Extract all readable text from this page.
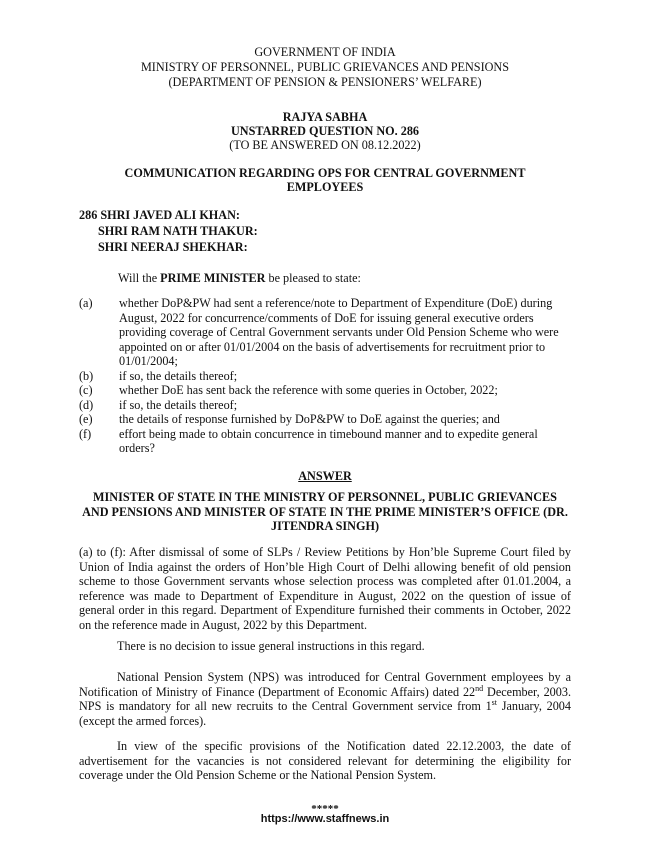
GOVERNMENT OF INDIA
MINISTRY OF PERSONNEL, PUBLIC GRIEVANCES AND PENSIONS
(DEPARTMENT OF PENSION & PENSIONERS’ WELFARE)
RAJYA SABHA
UNSTARRED QUESTION NO. 286
(TO BE ANSWERED ON 08.12.2022)
COMMUNICATION REGARDING OPS FOR CENTRAL GOVERNMENT
EMPLOYEES
286 SHRI JAVED ALI KHAN:
SHRI RAM NATH THAKUR:
SHRI NEERAJ SHEKHAR:
Will the PRIME MINISTER be pleased to state:
(a)	whether DoP&PW had sent a reference/note to Department of Expenditure (DoE) during August, 2022 for concurrence/comments of DoE for issuing general executive orders providing coverage of Central Government servants under Old Pension Scheme who were appointed on or after 01/01/2004 on the basis of advertisements for recruitment prior to 01/01/2004;
(b)	if so, the details thereof;
(c)	whether DoE has sent back the reference with some queries in October, 2022;
(d)	if so, the details thereof;
(e)	the details of response furnished by DoP&PW to DoE against the queries; and
(f)	effort being made to obtain concurrence in timebound manner and to expedite general orders?
ANSWER
MINISTER OF STATE IN THE MINISTRY OF PERSONNEL, PUBLIC GRIEVANCES AND PENSIONS AND MINISTER OF STATE IN THE PRIME MINISTER’S OFFICE (DR. JITENDRA SINGH)
(a) to (f): After dismissal of some of SLPs / Review Petitions by Hon’ble Supreme Court filed by Union of India against the orders of Hon’ble High Court of Delhi allowing benefit of old pension scheme to those Government servants whose selection process was completed after 01.01.2004, a reference was made to Department of Expenditure in August, 2022 on the question of issue of general order in this regard. Department of Expenditure furnished their comments in October, 2022 on the reference made in August, 2022 by this Department.
There is no decision to issue general instructions in this regard.
National Pension System (NPS) was introduced for Central Government employees by a Notification of Ministry of Finance (Department of Economic Affairs) dated 22nd December, 2003. NPS is mandatory for all new recruits to the Central Government service from 1st January, 2004 (except the armed forces).
In view of the specific provisions of the Notification dated 22.12.2003, the date of advertisement for the vacancies is not considered relevant for determining the eligibility for coverage under the Old Pension Scheme or the National Pension System.
*****
https://www.staffnews.in
